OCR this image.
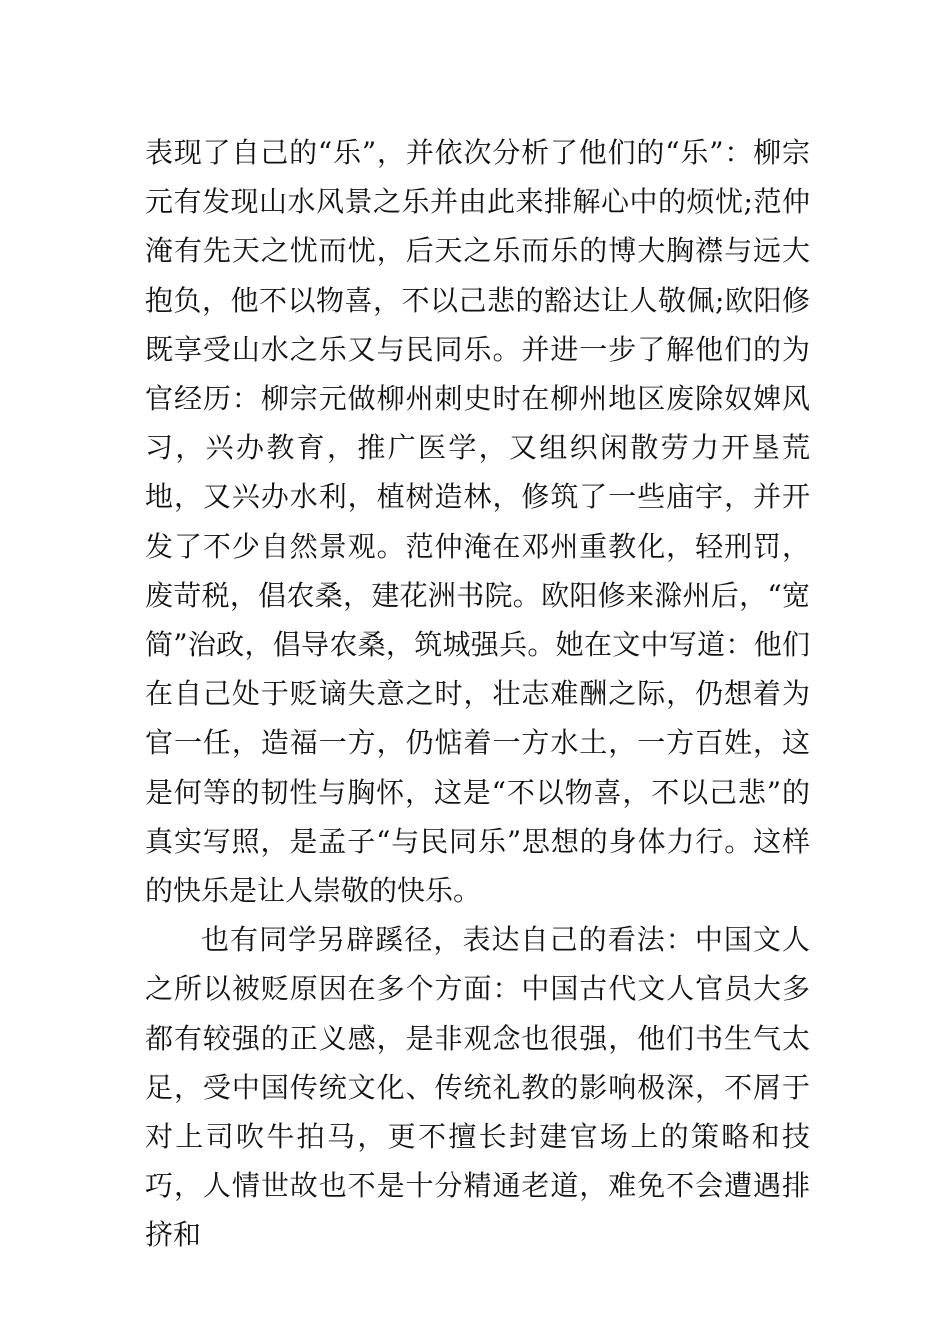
表现了自己的“乐”，并依次分析了他们的“乐”：柳宗元有发现山水风景之乐并由此来排解心中的烦忧;范仲淹有先天之忧而忧，后天之乐而乐的博大胸襟与远大抱负，他不以物喜，不以己悲的豁达让人敬佩;欧阳修既享受山水之乐又与民同乐。并进一步了解他们的为官经历：柳宗元做柳州刺史时在柳州地区废除奴婢风习，兴办教育，推广医学，又组织闲散劳力开垦荒地，又兴办水利，植树造林，修筑了一些庙宇，并开发了不少自然景观。范仲淹在邓州重教化，轻刑罚，废苛税，倡农桑，建花洲书院。欧阳修来滁州后，“宽简”治政，倡导农桑，筑城强兵。她在文中写道：他们在自己处于贬谪失意之时，壮志难酬之际，仍想着为官一任，造福一方，仍惦着一方水土，一方百姓，这是何等的韧性与胸怀，这是“不以物喜，不以己悲”的真实写照，是孟子“与民同乐”思想的身体力行。这样的快乐是让人崇敬的快乐。

也有同学另辟蹊径，表达自己的看法：中国文人之所以被贬原因在多个方面：中国古代文人官员大多都有较强的正义感，是非观念也很强，他们书生气太足，受中国传统文化、传统礼教的影响极深，不屑于对上司吹牛拍马，更不擅长封建官场上的策略和技巧，人情世故也不是十分精通老道，难免不会遭遇排挤和
